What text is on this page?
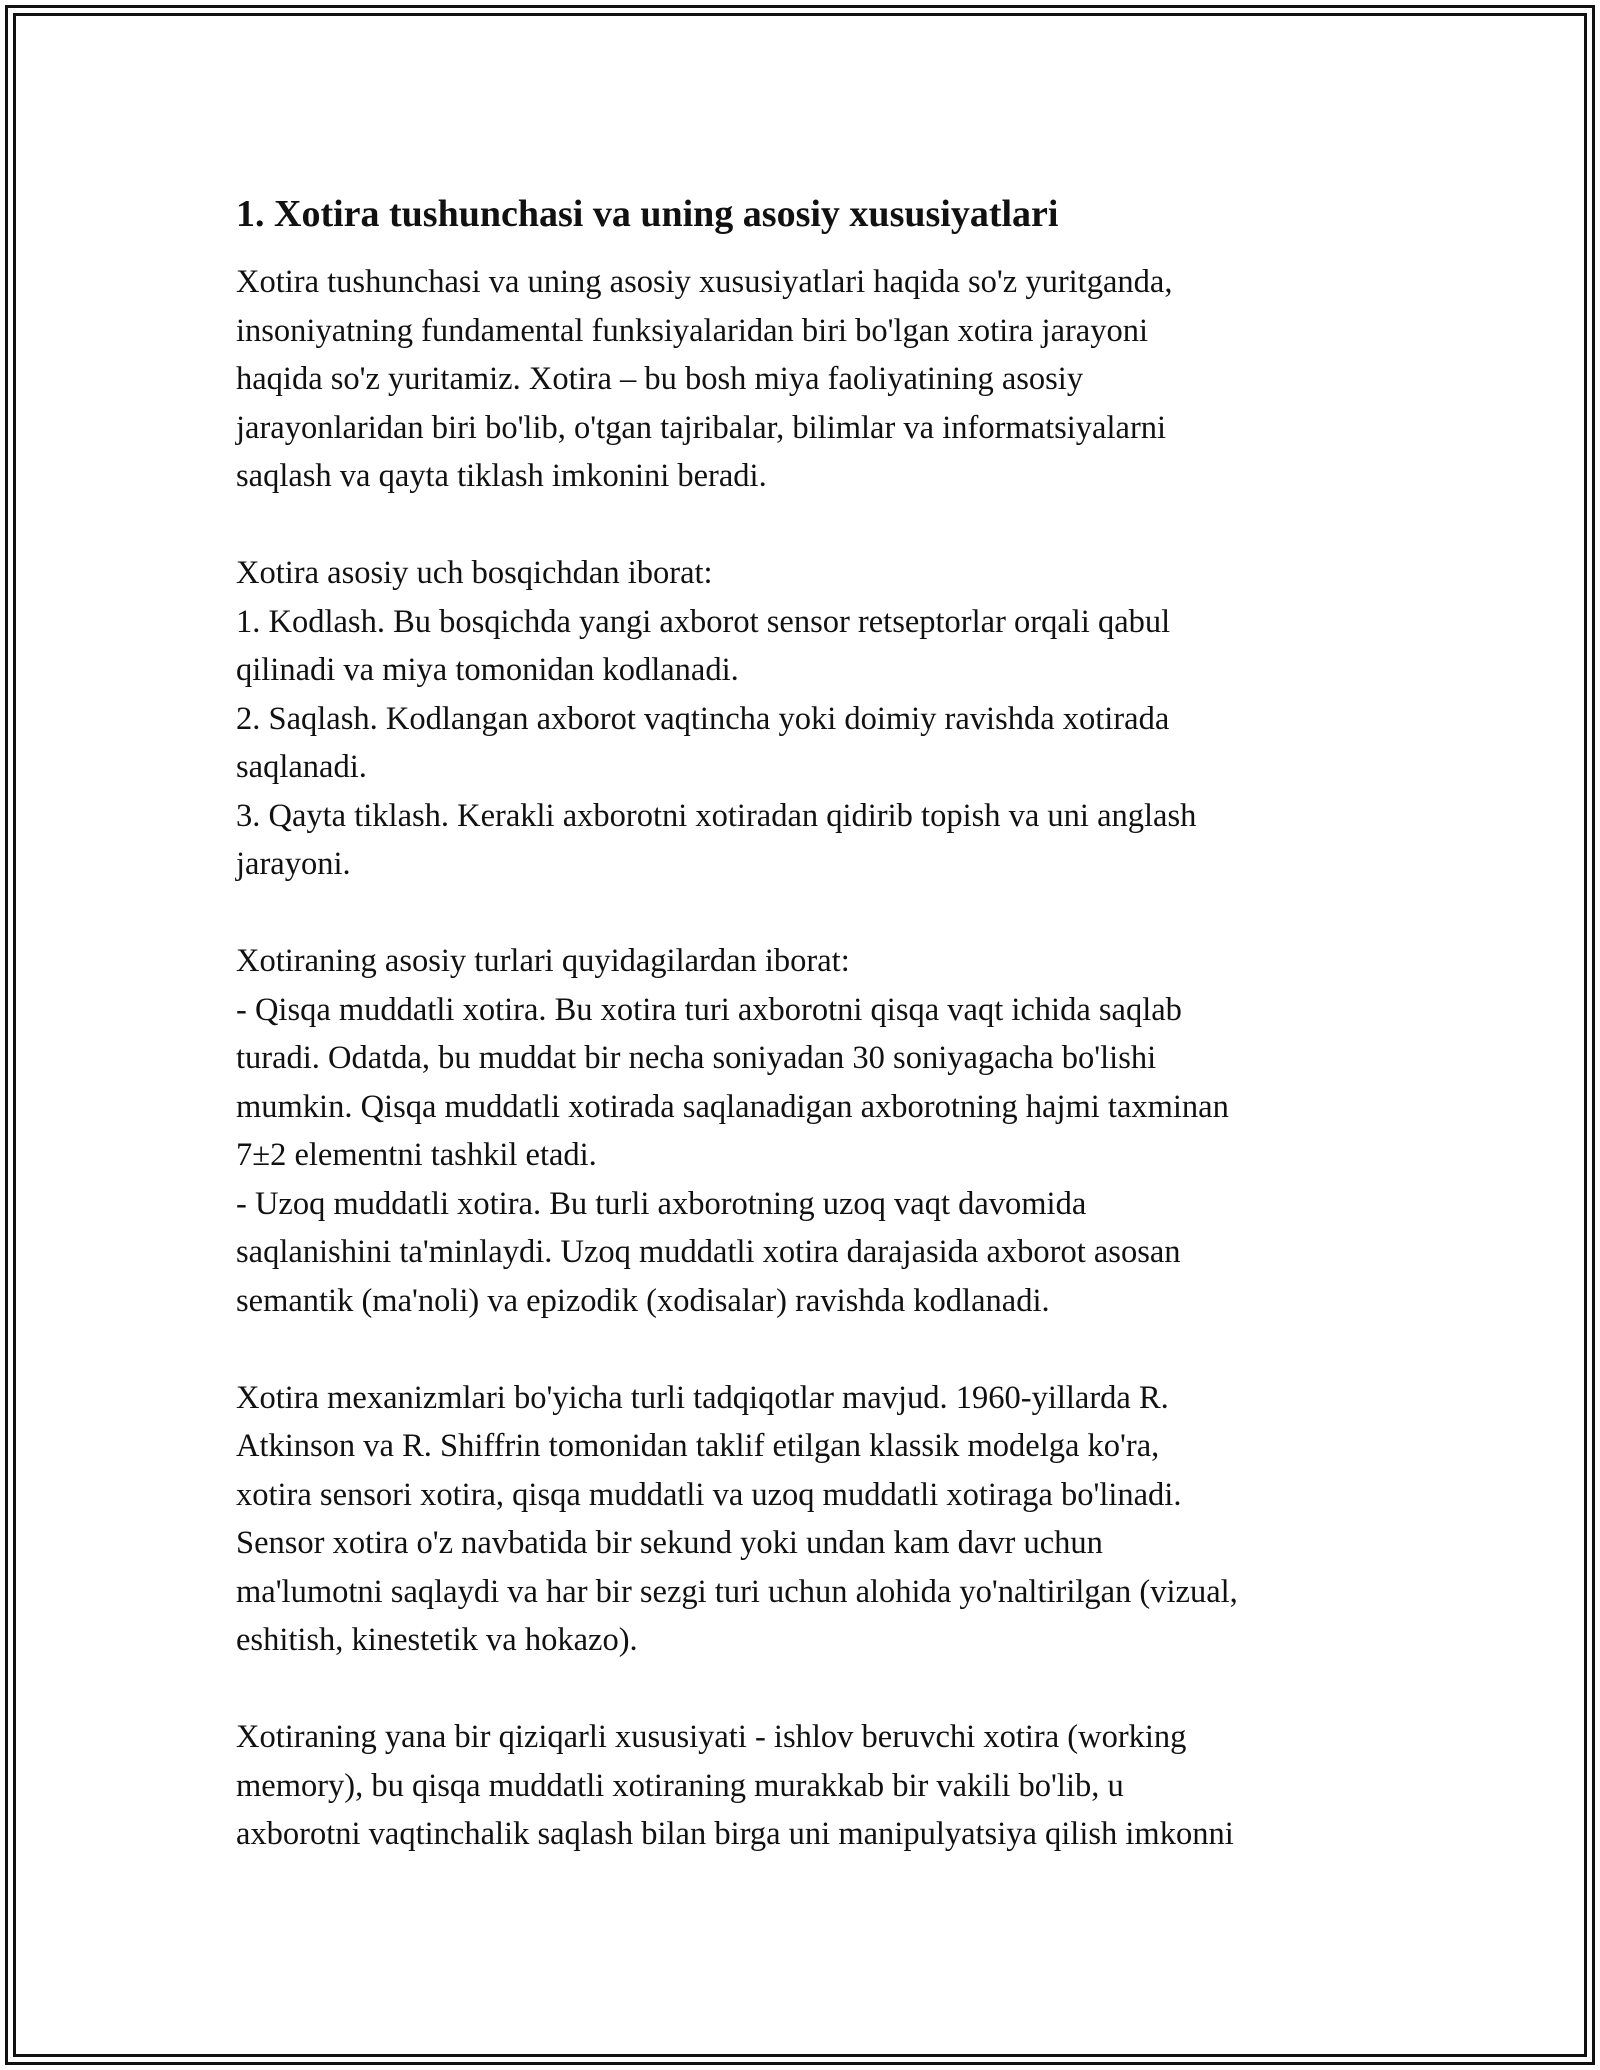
1. Xotira tushunchasi va uning asosiy xususiyatlari

Xotira tushunchasi va uning asosiy xususiyatlari haqida so'z yuritganda,

insoniyatning fundamental funksiyalaridan biri bo'lgan xotira jarayoni

haqida so'z yuritamiz. Xotira – bu bosh miya faoliyatining asosiy

jarayonlaridan biri bo'lib, o'tgan tajribalar, bilimlar va informatsiyalarni

saqlash va qayta tiklash imkonini beradi.

Xotira asosiy uch bosqichdan iborat:

1. Kodlash. Bu bosqichda yangi axborot sensor retseptorlar orqali qabul

qilinadi va miya tomonidan kodlanadi.

2. Saqlash. Kodlangan axborot vaqtincha yoki doimiy ravishda xotirada

saqlanadi.

3. Qayta tiklash. Kerakli axborotni xotiradan qidirib topish va uni anglash

jarayoni.

Xotiraning asosiy turlari quyidagilardan iborat:

- Qisqa muddatli xotira. Bu xotira turi axborotni qisqa vaqt ichida saqlab

turadi. Odatda, bu muddat bir necha soniyadan 30 soniyagacha bo'lishi

mumkin. Qisqa muddatli xotirada saqlanadigan axborotning hajmi taxminan

7±2 elementni tashkil etadi.

- Uzoq muddatli xotira. Bu turli axborotning uzoq vaqt davomida

saqlanishini ta'minlaydi. Uzoq muddatli xotira darajasida axborot asosan

semantik (ma'noli) va epizodik (xodisalar) ravishda kodlanadi.

Xotira mexanizmlari bo'yicha turli tadqiqotlar mavjud. 1960-yillarda R.

Atkinson va R. Shiffrin tomonidan taklif etilgan klassik modelga ko'ra,

xotira sensori xotira, qisqa muddatli va uzoq muddatli xotiraga bo'linadi.

Sensor xotira o'z navbatida bir sekund yoki undan kam davr uchun

ma'lumotni saqlaydi va har bir sezgi turi uchun alohida yo'naltirilgan (vizual,

eshitish, kinestetik va hokazo).

Xotiraning yana bir qiziqarli xususiyati - ishlov beruvchi xotira (working

memory), bu qisqa muddatli xotiraning murakkab bir vakili bo'lib, u

axborotni vaqtinchalik saqlash bilan birga uni manipulyatsiya qilish imkonni
